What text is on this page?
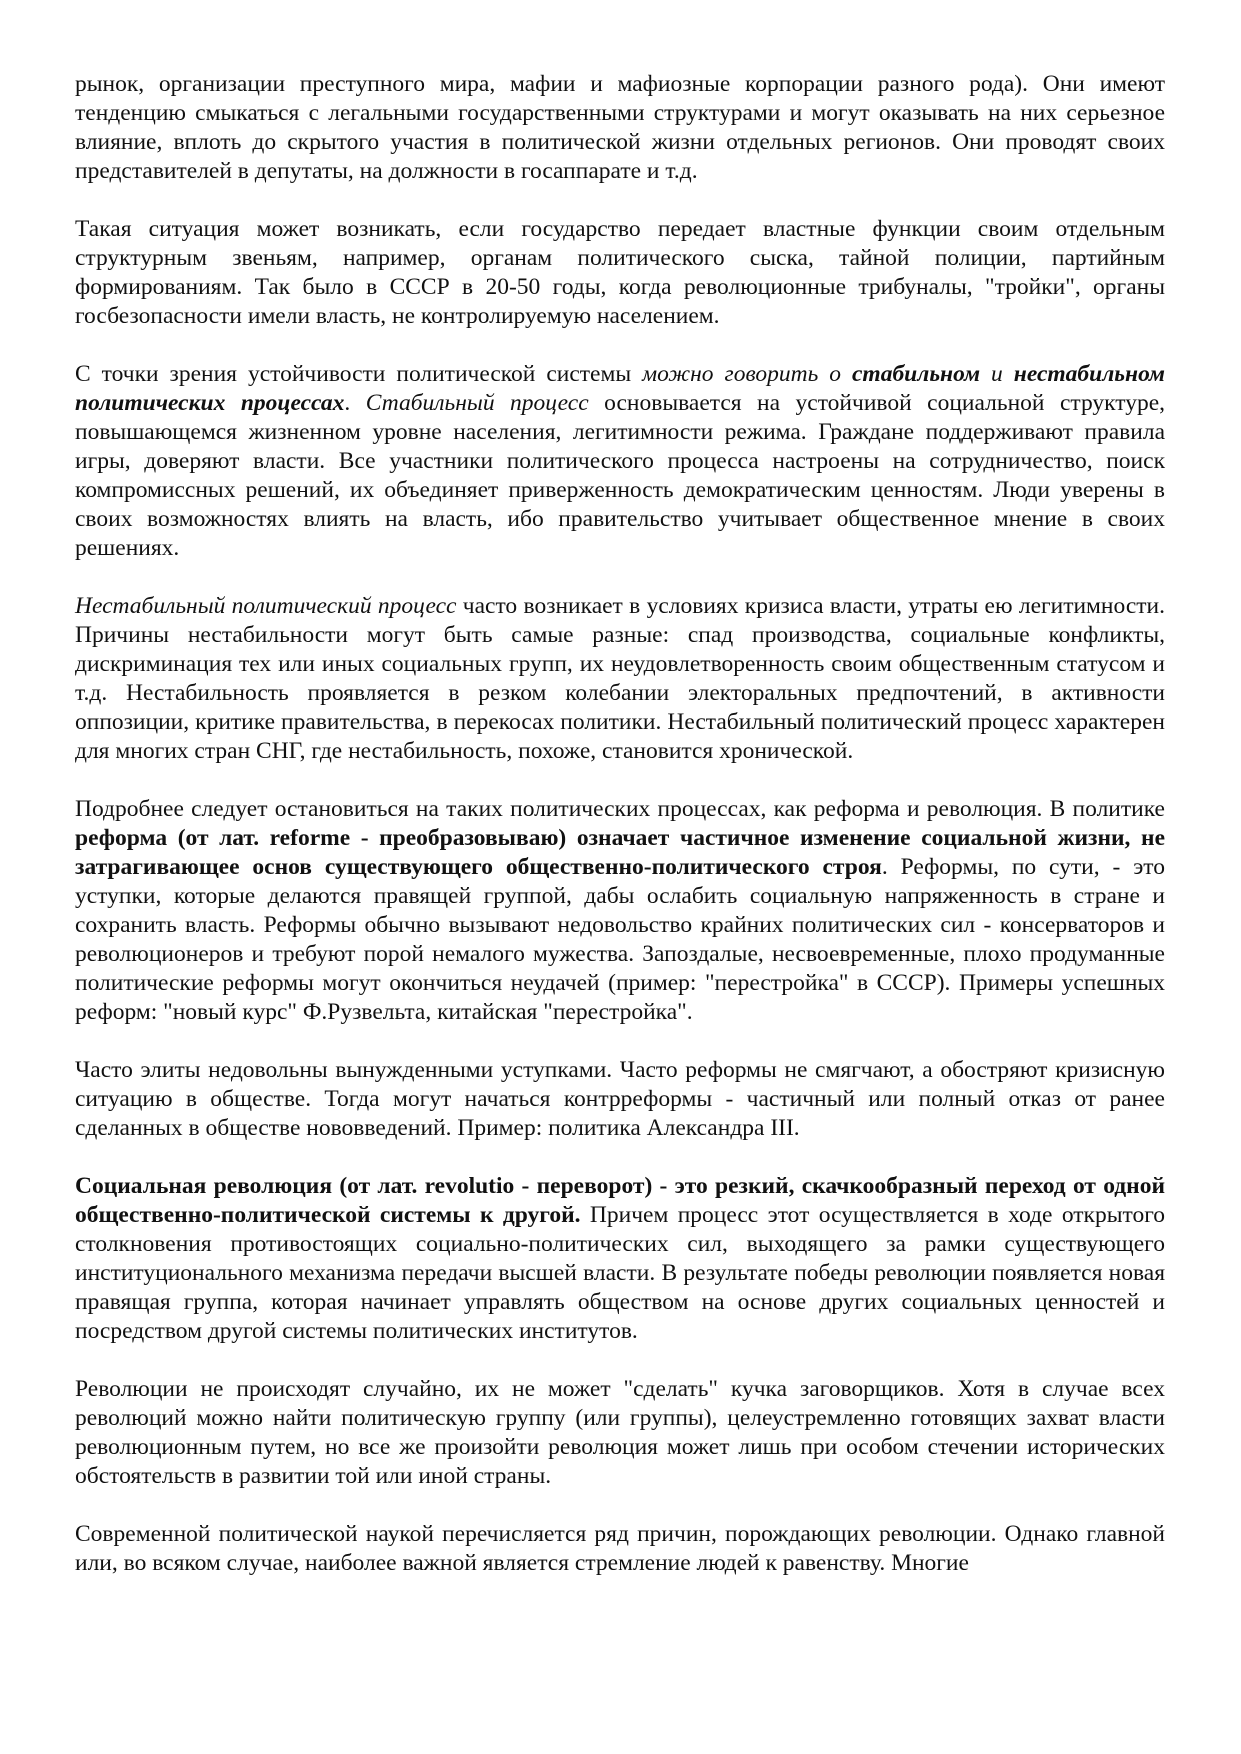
рынок, организации преступного мира, мафии и мафиозные корпорации разного рода). Они имеют тенденцию смыкаться с легальными государственными структурами и могут оказывать на них серьезное влияние, вплоть до скрытого участия в политической жизни отдельных регионов. Они проводят своих представителей в депутаты, на должности в госаппарате и т.д.

Такая ситуация может возникать, если государство передает властные функции своим отдельным структурным звеньям, например, органам политического сыска, тайной полиции, партийным формированиям. Так было в СССР в 20-50 годы, когда революционные трибуналы, "тройки", органы госбезопасности имели власть, не контролируемую населением.

С точки зрения устойчивости политической системы можно говорить о стабильном и нестабильном политических процессах. Стабильный процесс основывается на устойчивой социальной структуре, повышающемся жизненном уровне населения, легитимности режима. Граждане поддерживают правила игры, доверяют власти. Все участники политического процесса настроены на сотрудничество, поиск компромиссных решений, их объединяет приверженность демократическим ценностям. Люди уверены в своих возможностях влиять на власть, ибо правительство учитывает общественное мнение в своих решениях.

Нестабильный политический процесс часто возникает в условиях кризиса власти, утраты ею легитимности. Причины нестабильности могут быть самые разные: спад производства, социальные конфликты, дискриминация тех или иных социальных групп, их неудовлетворенность своим общественным статусом и т.д. Нестабильность проявляется в резком колебании электоральных предпочтений, в активности оппозиции, критике правительства, в перекосах политики. Нестабильный политический процесс характерен для многих стран СНГ, где нестабильность, похоже, становится хронической.

Подробнее следует остановиться на таких политических процессах, как реформа и революция. В политике реформа (от лат. reforme - преобразовываю) означает частичное изменение социальной жизни, не затрагивающее основ существующего общественно-политического строя. Реформы, по сути, - это уступки, которые делаются правящей группой, дабы ослабить социальную напряженность в стране и сохранить власть. Реформы обычно вызывают недовольство крайних политических сил - консерваторов и революционеров и требуют порой немалого мужества. Запоздалые, несвоевременные, плохо продуманные политические реформы могут окончиться неудачей (пример: "перестройка" в СССР). Примеры успешных реформ: "новый курс" Ф.Рузвельта, китайская "перестройка".

Часто элиты недовольны вынужденными уступками. Часто реформы не смягчают, а обостряют кризисную ситуацию в обществе. Тогда могут начаться контрреформы - частичный или полный отказ от ранее сделанных в обществе нововведений. Пример: политика Александра III.

Социальная революция (от лат. revolutio - переворот) - это резкий, скачкообразный переход от одной общественно-политической системы к другой. Причем процесс этот осуществляется в ходе открытого столкновения противостоящих социально-политических сил, выходящего за рамки существующего институционального механизма передачи высшей власти. В результате победы революции появляется новая правящая группа, которая начинает управлять обществом на основе других социальных ценностей и посредством другой системы политических институтов.

Революции не происходят случайно, их не может "сделать" кучка заговорщиков. Хотя в случае всех революций можно найти политическую группу (или группы), целеустремленно готовящих захват власти революционным путем, но все же произойти революция может лишь при особом стечении исторических обстоятельств в развитии той или иной страны.

Современной политической наукой перечисляется ряд причин, порождающих революции. Однако главной или, во всяком случае, наиболее важной является стремление людей к равенству. Многие
